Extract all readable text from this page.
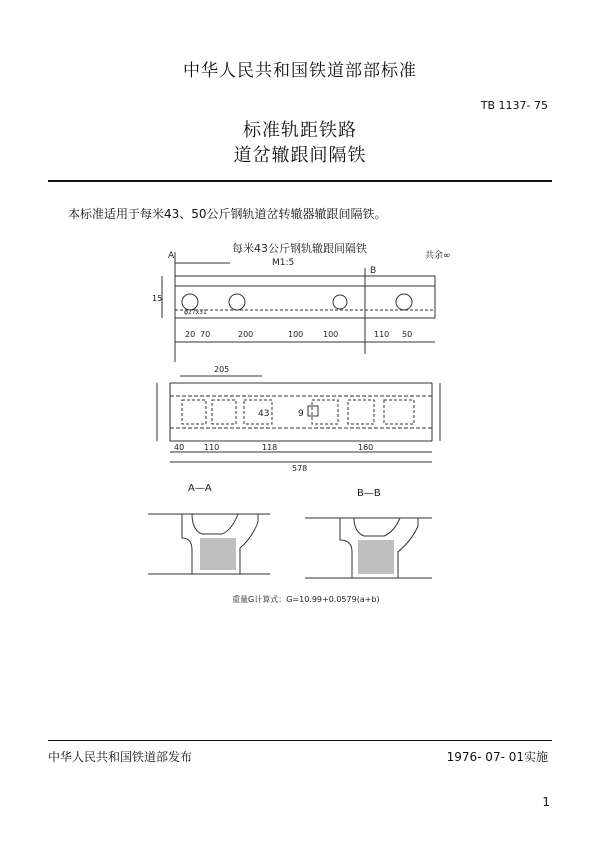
中华人民共和国铁道部部标准
TB 1137- 75
标准轨距铁路
道岔辙跟间隔铁
本标准适用于每米43、50公斤钢轨道岔转辙器辙跟间隔铁。
每米43公斤钢轨辙跟间隔铁
M1:5
共余∞
A
B
φ27x31
20 70	200	100 100	110 50
15
205
40 110	118	160
578
43	9
A—A	B—B
重量G计算式：G=10.99+0.0579(a+b)
中华人民共和国铁道部发布	1976- 07- 01实施
1
